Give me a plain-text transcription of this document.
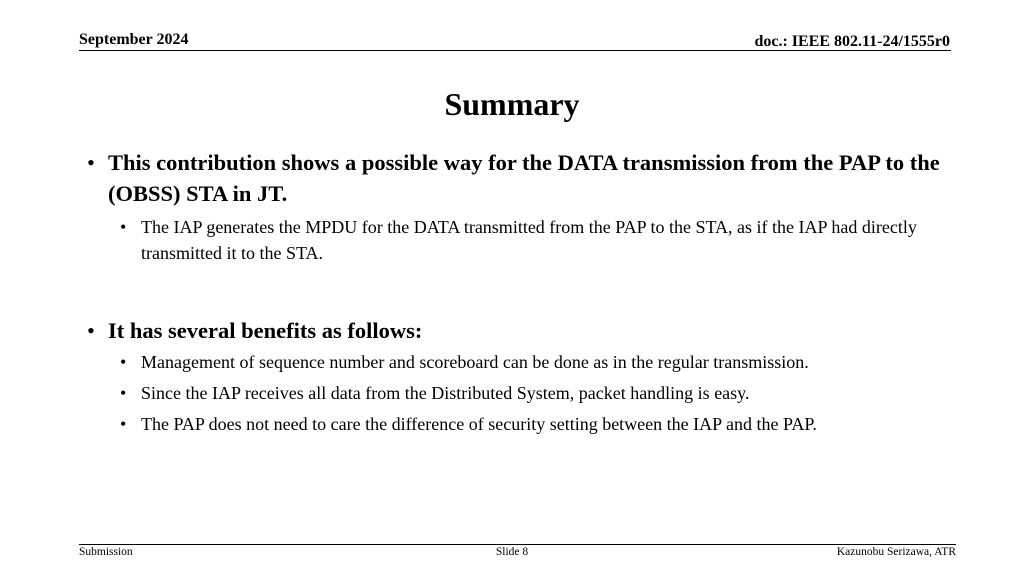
September 2024	doc.: IEEE 802.11-24/1555r0
Summary
• This contribution shows a possible way for the DATA transmission from the PAP to the (OBSS) STA in JT.
• The IAP generates the MPDU for the DATA transmitted from the PAP to the STA, as if the IAP had directly transmitted it to the STA.
• It has several benefits as follows:
• Management of sequence number and scoreboard can be done as in the regular transmission.
• Since the IAP receives all data from the Distributed System, packet handling is easy.
• The PAP does not need to care the difference of security setting between the IAP and the PAP.
Submission	Slide 8	Kazunobu Serizawa, ATR
